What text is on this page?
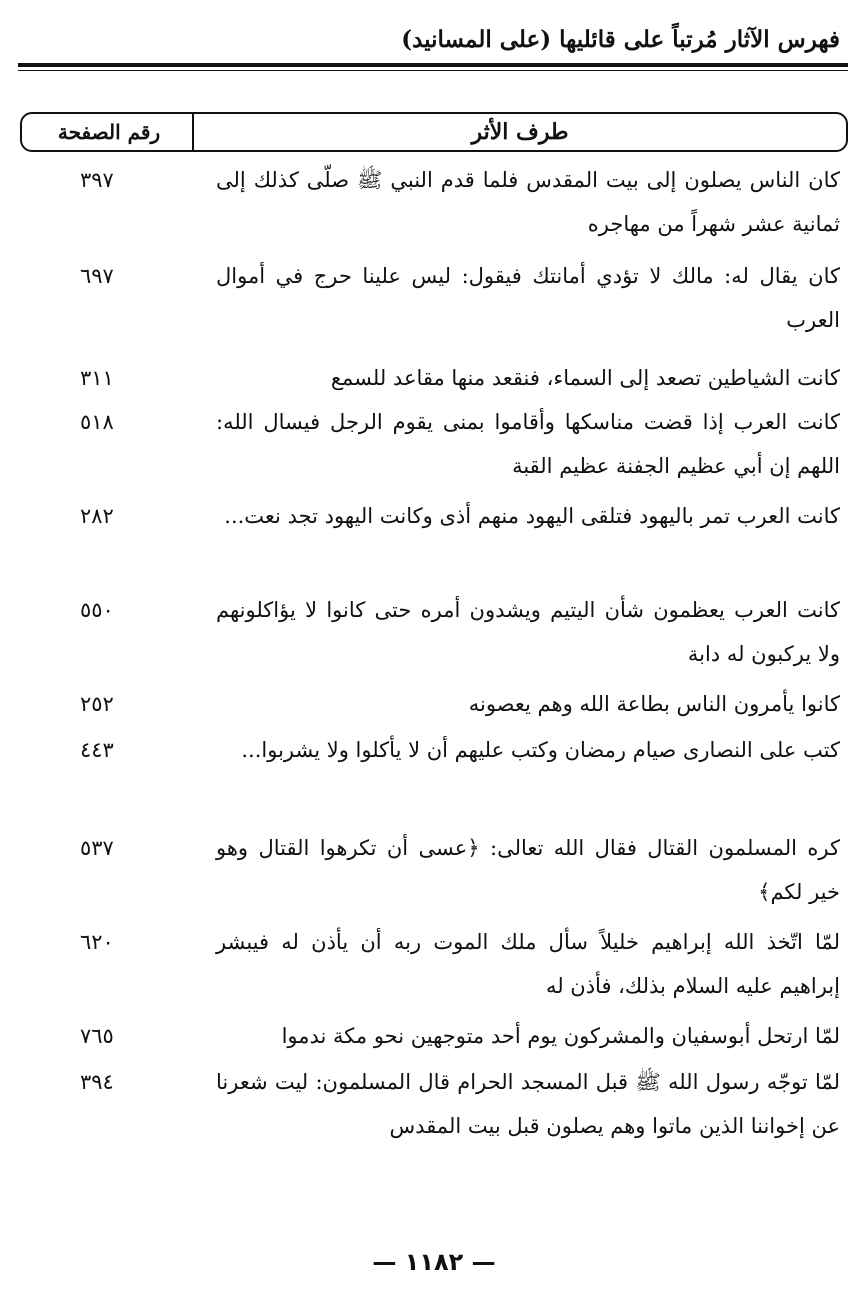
فهرس الآثار مُرتباً على قائليها (على المسانيد)
طرف الأثر
رقم الصفحة
كان الناس يصلون إلى بيت المقدس فلما قدم النبي ﷺ صلّى كذلك إلى ثمانية عشر شهراً من مهاجره
٣٩٧
كان يقال له: مالك لا تؤدي أمانتك فيقول: ليس علينا حرج في أموال العرب
٦٩٧
كانت الشياطين تصعد إلى السماء، فنقعد منها مقاعد للسمع
٣١١
كانت العرب إذا قضت مناسكها وأقاموا بمنى يقوم الرجل فيسال الله: اللهم إن أبي عظيم الجفنة عظيم القبة
٥١٨
كانت العرب تمر باليهود فتلقى اليهود منهم أذى وكانت اليهود تجد نعت...
٢٨٢
كانت العرب يعظمون شأن اليتيم ويشدون أمره حتى كانوا لا يؤاكلونهم ولا يركبون له دابة
٥٥٠
كانوا يأمرون الناس بطاعة الله وهم يعصونه
٢٥٢
كتب على النصارى صيام رمضان وكتب عليهم أن لا يأكلوا ولا يشربوا...
٤٤٣
كره المسلمون القتال فقال الله تعالى: ﴿عسى أن تكرهوا القتال وهو خير لكم﴾
٥٣٧
لمّا اتّخذ الله إبراهيم خليلاً سأل ملك الموت ربه أن يأذن له فيبشر إبراهيم عليه السلام بذلك، فأذن له
٦٢٠
لمّا ارتحل أبوسفيان والمشركون يوم أحد متوجهين نحو مكة ندموا
٧٦٥
لمّا توجّه رسول الله ﷺ قبل المسجد الحرام قال المسلمون: ليت شعرنا عن إخواننا الذين ماتوا وهم يصلون قبل بيت المقدس
٣٩٤
— ١١٨٢ —
